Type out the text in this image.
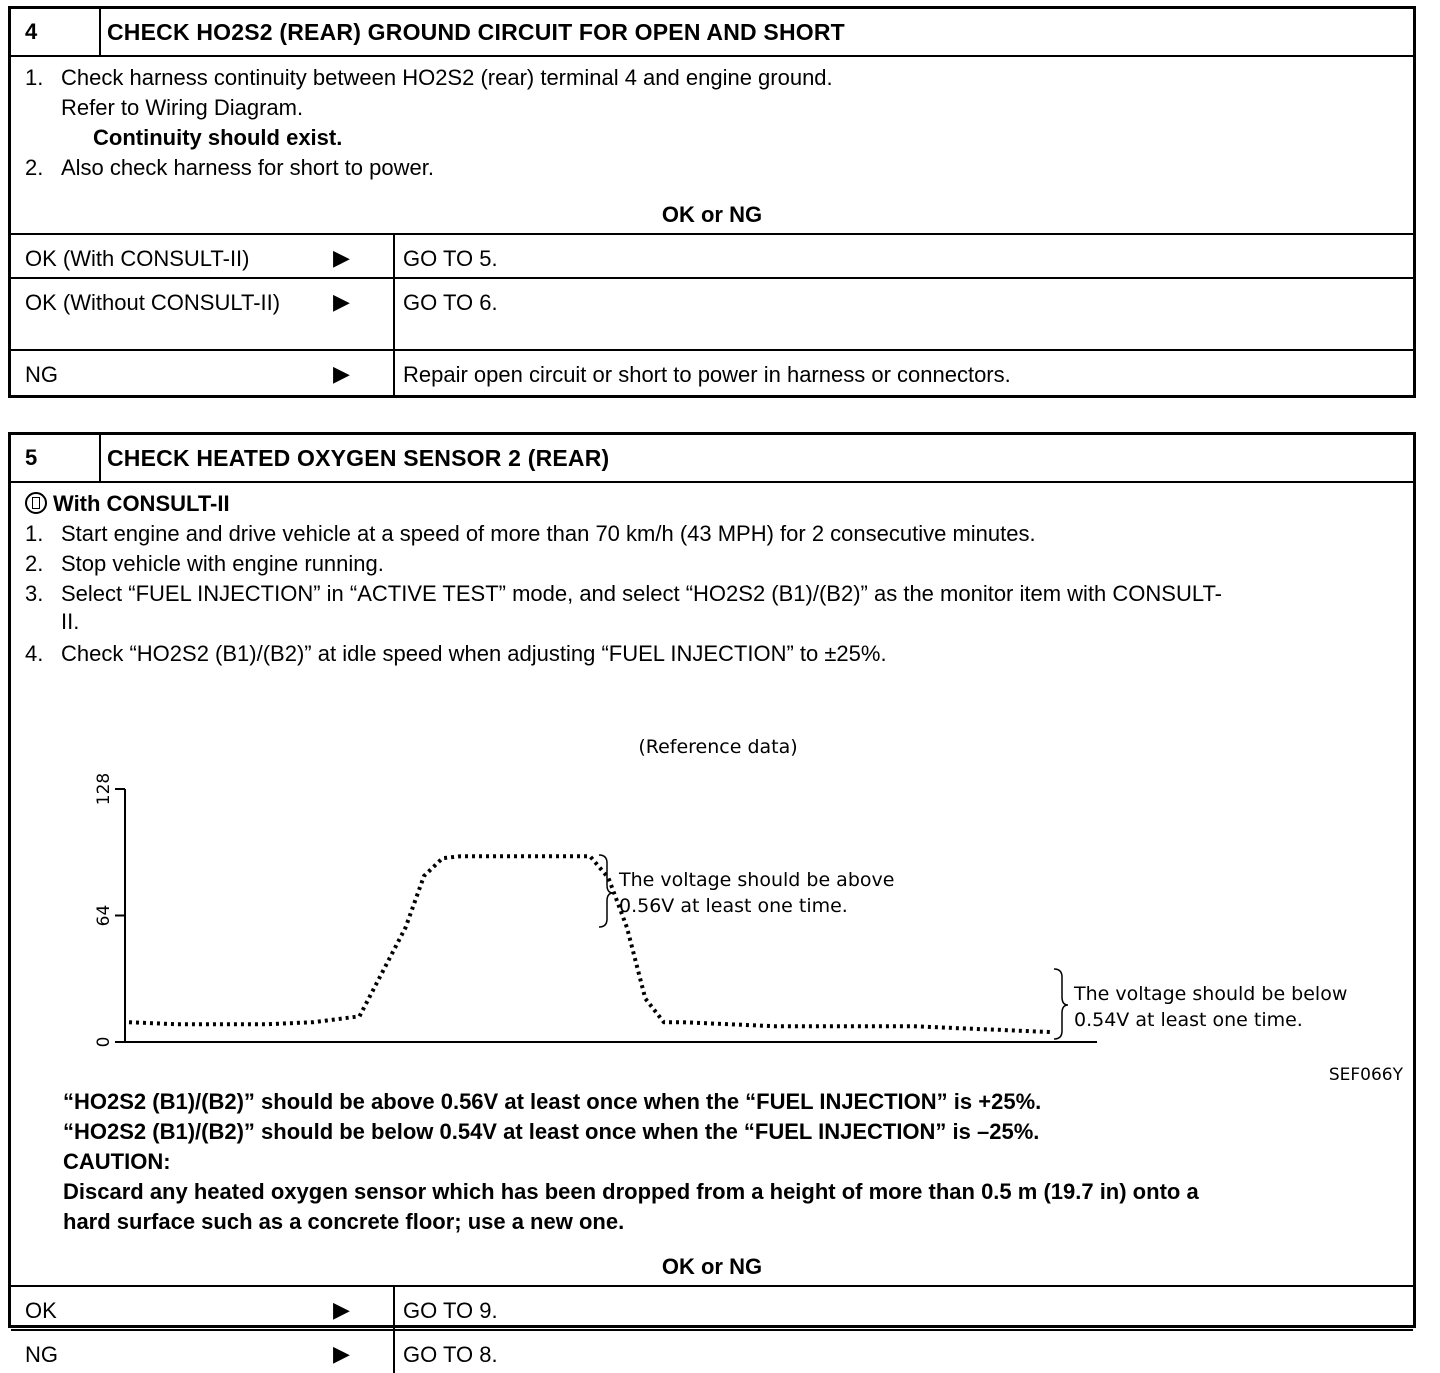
4	CHECK HO2S2 (REAR) GROUND CIRCUIT FOR OPEN AND SHORT
1. Check harness continuity between HO2S2 (rear) terminal 4 and engine ground.
Refer to Wiring Diagram.
Continuity should exist.
2. Also check harness for short to power.
OK or NG
OK (With CONSULT-II)	▶	GO TO 5.
OK (Without CONSULT-II) ▶	GO TO 6.
NG	▶	Repair open circuit or short to power in harness or connectors.
5	CHECK HEATED OXYGEN SENSOR 2 (REAR)
With CONSULT-II
1. Start engine and drive vehicle at a speed of more than 70 km/h (43 MPH) for 2 consecutive minutes.
2. Stop vehicle with engine running.
3. Select “FUEL INJECTION” in “ACTIVE TEST” mode, and select “HO2S2 (B1)/(B2)” as the monitor item with CONSULT-
II.
4. Check “HO2S2 (B1)/(B2)” at idle speed when adjusting “FUEL INJECTION” to ±25%.
(Reference data)
0
64
128
The voltage should be above 0.56V at least one time.
The voltage should be below 0.54V at least one time.
SEF066Y
“HO2S2 (B1)/(B2)” should be above 0.56V at least once when the “FUEL INJECTION” is +25%.
“HO2S2 (B1)/(B2)” should be below 0.54V at least once when the “FUEL INJECTION” is –25%.
CAUTION:
Discard any heated oxygen sensor which has been dropped from a height of more than 0.5 m (19.7 in) onto a
hard surface such as a concrete floor; use a new one.
OK or NG
OK	▶	GO TO 9.
NG	▶	GO TO 8.
